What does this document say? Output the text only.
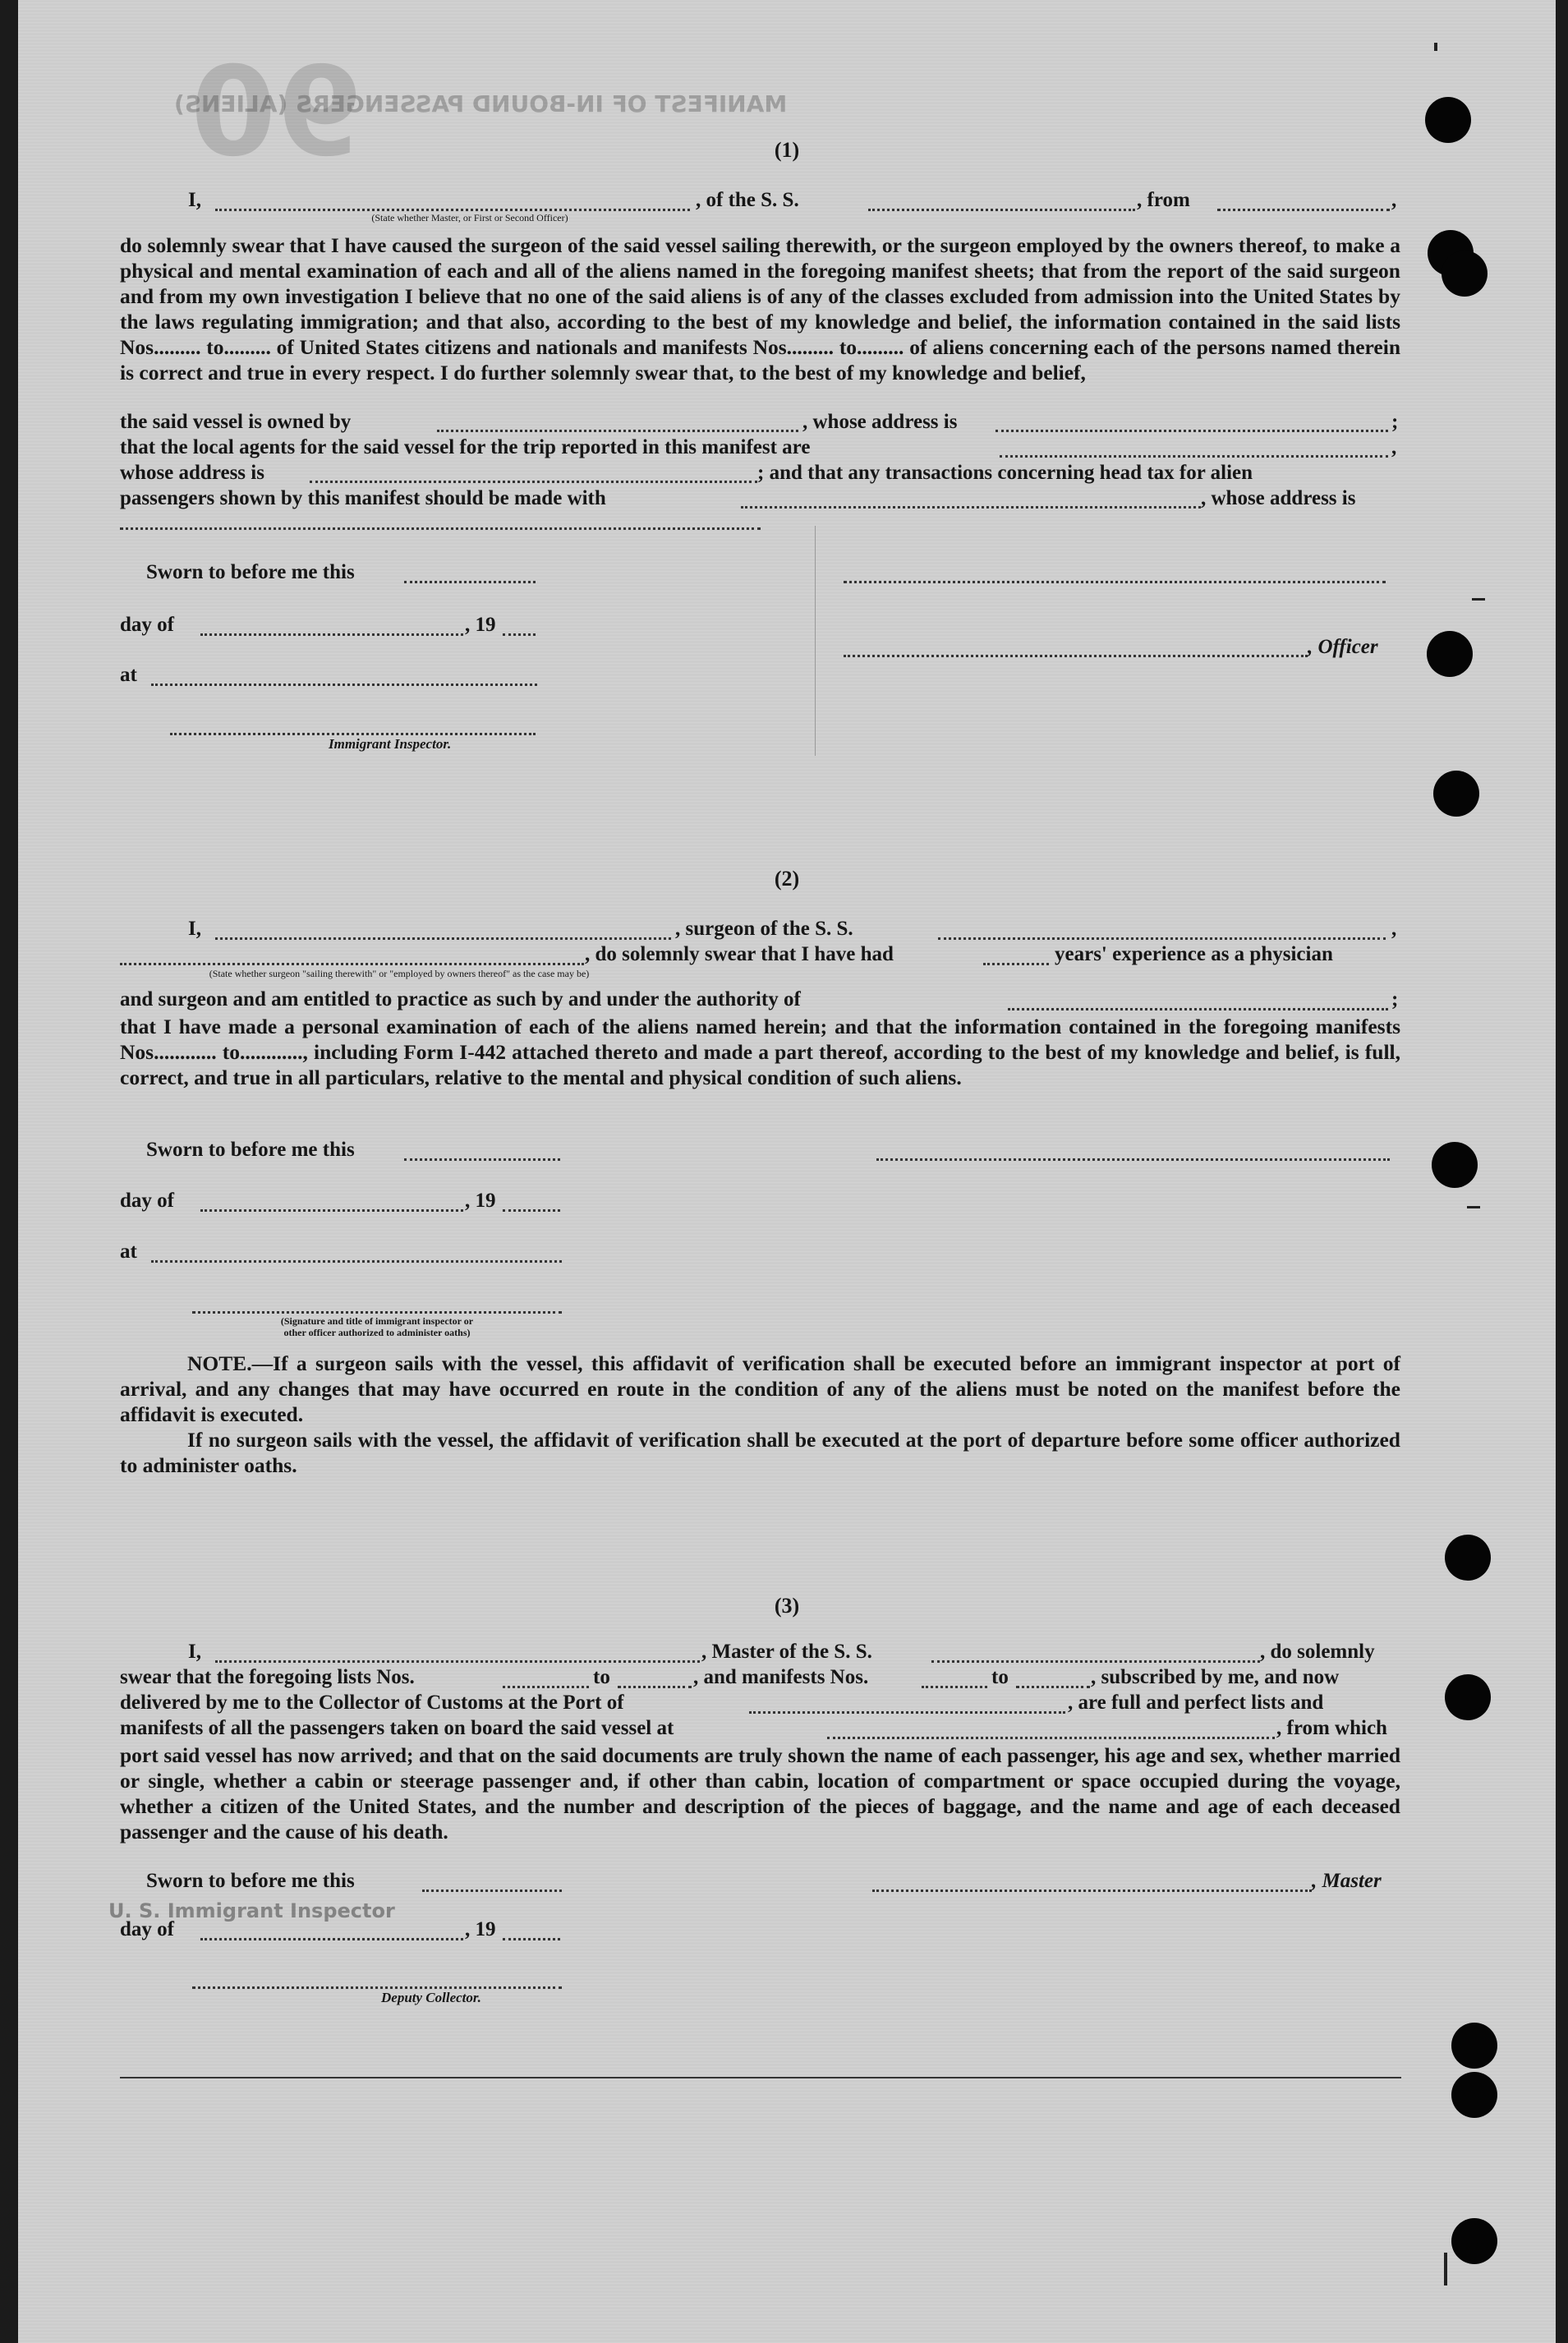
MANIFEST OF IN-BOUND PASSENGERS (ALIENS)
90	(1)
I,	, of the S. S.	, from	,
(State whether Master, or First or Second Officer)
do solemnly swear that I have caused the surgeon of the said vessel sailing therewith, or the surgeon employed by the owners thereof, to make a physical and mental examination of each and all of the aliens named in the foregoing manifest sheets; that from the report of the said surgeon and from my own investigation I believe that no one of the said aliens is of any of the classes excluded from admission into the United States by the laws regulating immigration; and that also, according to the best of my knowledge and belief, the information contained in the said lists Nos......... to......... of United States citizens and nationals and manifests Nos......... to......... of aliens concerning each of the persons named therein is correct and true in every respect. I do further solemnly swear that, to the best of my knowledge and belief,
the said vessel is owned by	, whose address is	;
that the local agents for the said vessel for the trip reported in this manifest are	,
whose address is	; and that any transactions concerning head tax for alien
passengers shown by this manifest should be made with	, whose address is
Sworn to before me this
day of	, 19
, Officer
at
Immigrant Inspector.
(2)
I,	, surgeon of the S. S.	,
, do solemnly swear that I have had	years' experience as a physician
(State whether surgeon "sailing therewith" or "employed by owners thereof" as the case may be)
and surgeon and am entitled to practice as such by and under the authority of	;
that I have made a personal examination of each of the aliens named herein; and that the information contained in the foregoing manifests Nos............ to............, including Form I-442 attached thereto and made a part thereof, according to the best of my knowledge and belief, is full, correct, and true in all particulars, relative to the mental and physical condition of such aliens.
Sworn to before me this
day of	, 19
at
(Signature and title of immigrant inspector or
other officer authorized to administer oaths)
NOTE.—If a surgeon sails with the vessel, this affidavit of verification shall be executed before an immigrant inspector at port of arrival, and any changes that may have occurred en route in the condition of any of the aliens must be noted on the manifest before the affidavit is executed.
If no surgeon sails with the vessel, the affidavit of verification shall be executed at the port of departure before some officer authorized to administer oaths.
(3)
I,	, Master of the S. S.	, do solemnly
swear that the foregoing lists Nos.	to	, and manifests Nos.	to	, subscribed by me, and now
delivered by me to the Collector of Customs at the Port of	, are full and perfect lists and
manifests of all the passengers taken on board the said vessel at	, from which
port said vessel has now arrived; and that on the said documents are truly shown the name of each passenger, his age and sex, whether married or single, whether a cabin or steerage passenger and, if other than cabin, location of compartment or space occupied during the voyage, whether a citizen of the United States, and the number and description of the pieces of baggage, and the name and age of each deceased passenger and the cause of his death.
Sworn to before me this	, Master
U. S. Immigrant Inspector
day of	, 19
Deputy Collector.
